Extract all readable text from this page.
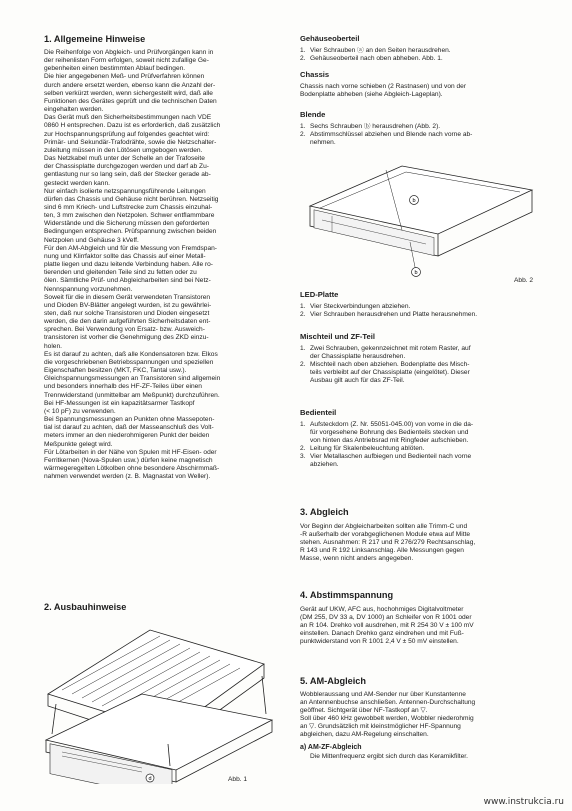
1. Allgemeine Hinweise

Die Reihenfolge von Abgleich- und Prüfvorgängen kann in

der reihenlisten Form erfolgen, soweit nicht zufallige Ge-

gebenheiten einen bestimmten Ablauf bedingen.

Die hier angegebenen Meß- und Prüfverfahren können

durch andere ersetzt werden, ebenso kann die Anzahl der-

selben verkürzt werden, wenn sichergestellt wird, daß alle

Funktionen des Gerätes geprüft und die technischen Daten

eingehalten werden.

Das Gerät muß den Sicherheitsbestimmungen nach VDE

0860 H entsprechen. Dazu ist es erforderlich, daß zusätzlich

zur Hochspannungsprüfung auf folgendes geachtet wird:

Primär- und Sekundär-Trafodrähte, sowie die Netzschalter-

zuleitung müssen in den Lötösen umgebogen werden.

Das Netzkabel muß unter der Schelle an der Trafoseite

der Chassisplatte durchgezogen werden und darf ab Zu-

gentlastung nur so lang sein, daß der Stecker gerade ab-

gesteckt werden kann.

Nur einfach isolierte netzspannungsführende Leitungen

dürfen das Chassis und Gehäuse nicht berühren. Netzseitig

sind 6 mm Kriech- und Luftstrecke zum Chassis einzuhal-

ten, 3 mm zwischen den Netzpolen. Schwer entflammbare

Widerstände und die Sicherung müssen den geforderten

Bedingungen entsprechen. Prüfspannung zwischen beiden

Netzpolen und Gehäuse 3 kVeff.

Für den AM-Abgleich und für die Messung von Fremdspan-

nung und Klirrfaktor sollte das Chassis auf einer Metall-

platte liegen und dazu leitende Verbindung haben. Alle ro-

tierenden und gleitenden Teile sind zu fetten oder zu

ölen. Sämtliche Prüf- und Abgleicharbeiten sind bei Netz-

Nennspannung vorzunehmen.

Soweit für die in diesem Gerät verwendeten Transistoren

und Dioden BV-Blätter angelegt wurden, ist zu gewährlei-

sten, daß nur solche Transistoren und Dioden eingesetzt

werden, die den darin aufgeführten Sicherheitsdaten ent-

sprechen. Bei Verwendung von Ersatz- bzw. Ausweich-

transistoren ist vorher die Genehmigung des ZKD einzu-

holen.

Es ist darauf zu achten, daß alle Kondensatoren bzw. Elkos

die vorgeschriebenen Betriebsspannungen und speziellen

Eigenschaften besitzen (MKT, FKC, Tantal usw.).

Gleichspannungsmessungen an Transistoren sind allgemein

und besonders innerhalb des HF-ZF-Teiles über einen

Trennwiderstand (unmittelbar am Meßpunkt) durchzuführen.

Bei HF-Messungen ist ein kapazitätsarmer Tastkopf

(< 10 pF) zu verwenden.

Bei Spannungsmessungen an Punkten ohne Massepoten-

tial ist darauf zu achten, daß der Masseanschluß des Volt-

meters immer an den niederohmigeren Punkt der beiden

Meßpunkte gelegt wird.

Für Lötarbeiten in der Nähe von Spulen mit HF-Eisen- oder

Ferritkernen (Nova-Spulen usw.) dürfen keine magnetisch

wärmegeregelten Lötkolben ohne besondere Abschirmmaß-

nahmen verwendet werden (z. B. Magnastat von Weller).

2. Ausbauhinweise

d	Abb. 1

Gehäuseoberteil

1. Vier Schrauben ⓐ an den Seiten herausdrehen.
2. Gehäuseoberteil nach oben abheben. Abb. 1.

Chassis

Chassis nach vorne schieben (2 Rastnasen) und von der

Bodenplatte abheben (siehe Abgleich-Lageplan).

Blende

1. Sechs Schrauben ⓑ herausdrehen (Abb. 2).
2. Abstimmschlüssel abziehen und Blende nach vorne ab-
nehmen.
b
b
Abb. 2

LED-Platte

1. Vier Steckverbindungen abziehen.
2. Vier Schrauben herausdrehen und Platte herausnehmen.

Mischteil und ZF-Teil

1. Zwei Schrauben, gekennzeichnet mit rotem Raster, auf
der Chassisplatte herausdrehen.
2. Mischteil nach oben abziehen. Bodenplatte des Misch-
teils verbleibt auf der Chassisplatte (eingelötet). Dieser
Ausbau gilt auch für das ZF-Teil.

Bedienteil

1. Aufsteckdorn (Z. Nr. 55051-045.00) von vorne in die da-
für vorgesehene Bohrung des Bedienteils stecken und
von hinten das Antriebsrad mit Ringfeder aufschieben.
2. Leitung für Skalenbeleuchtung ablöten.
3. Vier Metallaschen aufbiegen und Bedienteil nach vorne
abziehen.

3. Abgleich

Vor Beginn der Abgleicharbeiten sollten alle Trimm-C und

-R außerhalb der vorabgeglichenen Module etwa auf Mitte

stehen. Ausnahmen: R 217 und R 276/279 Rechtsanschlag,

R 143 und R 192 Linksanschlag. Alle Messungen gegen

Masse, wenn nicht anders angegeben.

4. Abstimmspannung

Gerät auf UKW, AFC aus, hochohmiges Digitalvoltmeter

(DM 255, DV 33 a, DV 1000) an Schleifer von R 1001 oder

an R 104. Drehko voll ausdrehen, mit R 254 30 V ± 100 mV

einstellen. Danach Drehko ganz eindrehen und mit Fuß-

punktwiderstand von R 1001 2,4 V ± 50 mV einstellen.

5. AM-Abgleich

Wobbleraussang und AM-Sender nur über Kunstantenne

an Antennenbuchse anschließen. Antennen-Durchschaltung

geöffnet. Sichtgerät über NF-Tastkopf an ▽.

Soll über 460 kHz gewobbelt werden, Wobbler niederohmig

an ▽. Grundsätzlich mit kleinstmöglicher HF-Spannung

abgleichen, dazu AM-Regelung einschalten.

a) AM-ZF-Abgleich

Die Mittenfrequenz ergibt sich durch das Keramikfilter.

www.instrukcia.ru
